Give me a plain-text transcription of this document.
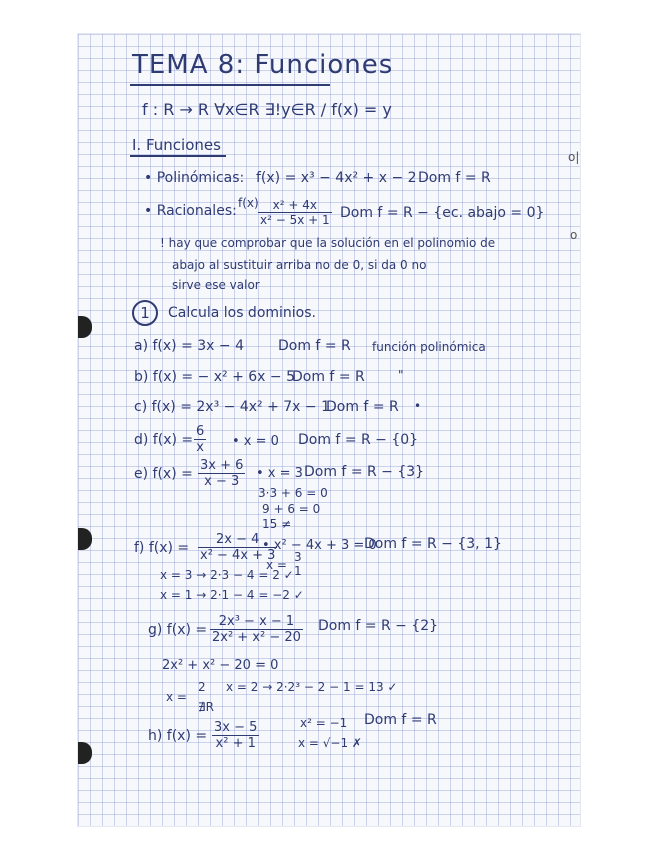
o|
o
TEMA 8: Funciones
f : R → R ∀x∈R ∃!y∈R / f(x) = y
I. Funciones
• Polinómicas: f(x) = x³ − 4x² + x − 2 Dom f = R
• Racionales: $f(x) \frac{\text{x² + 4x}}{\text{x² − 5x + 1}}$ Dom f = R − {ec. abajo = 0}
! hay que comprobar que la solución en el polinomio de
abajo al sustituir arriba no de 0, si da 0 no
sirve ese valor
1	Calcula los dominios.
a) f(x) = 3x − 4 Dom f = R función polinómica
b) f(x) = − x² + 6x − 5
Dom f = R	"
c) f(x) = 2x³ − 4x² + 7x − 1
Dom f = R •
d) $f(x) = \frac{6}{x}$ • x = 0 Dom f = R − {0}
e) $f(x) = \frac{3x + 6}{x - 3}$ • x = 3 Dom f = R − {3}
3·3 + 6 = 0
9 + 6 = 0
15 ≠
f) $f(x) = \frac{2x - 4}{\text{x² − 4x + 3}}$
• x² − 4x + 3 = 0
Dom f = R − {3, 1}
x =
3
1
x = 3 → 2·3 − 4 = 2 ✓
x = 1 → 2·1 − 4 = −2 ✓
g) $f(x) = \frac{\text{2x³ − x − 1}}{\text{2x² + x² − 20}}$ Dom f = R − {2}
2x² + x² − 20 = 0
x =
2
∄R
x = 2 → 2·2³ − 2 − 1 = 13 ✓
h) $f(x) = \frac{3x - 5}{\text{x² + 1}}$	x² = −1
x = √−1 ✗
Dom f = R
